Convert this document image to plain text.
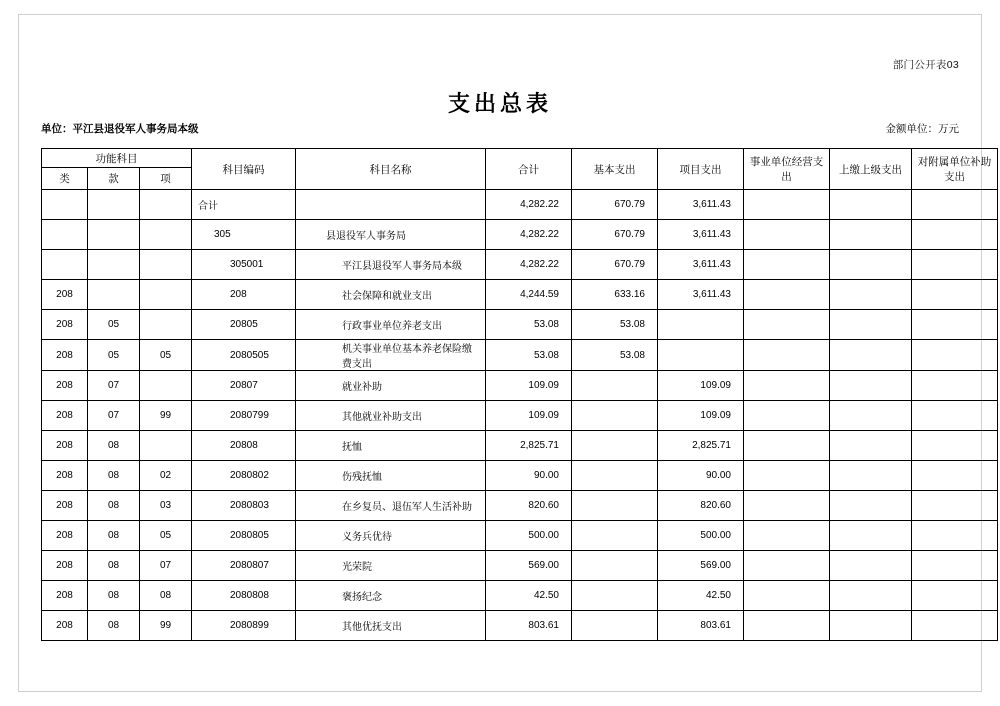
部门公开表03
支出总表
单位：平江县退役军人事务局本级	金额单位：万元
功能科目			科目编码	科目名称	合计	基本支出	项目支出	事业单位经营支出	上缴上级支出	对附属单位补助支出
类	款	项								
			合计		4,282.22	670.79	3,611.43			
			305	县退役军人事务局	4,282.22	670.79	3,611.43			
			305001	平江县退役军人事务局本级	4,282.22	670.79	3,611.43			
208			208	社会保障和就业支出	4,244.59	633.16	3,611.43			
208	05		20805	行政事业单位养老支出	53.08	53.08				
208	05	05	2080505	机关事业单位基本养老保险缴费支出	53.08	53.08				
208	07		20807	就业补助	109.09		109.09			
208	07	99	2080799	其他就业补助支出	109.09		109.09			
208	08		20808	抚恤	2,825.71		2,825.71			
208	08	02	2080802	伤残抚恤	90.00		90.00			
208	08	03	2080803	在乡复员、退伍军人生活补助	820.60		820.60			
208	08	05	2080805	义务兵优待	500.00		500.00			
208	08	07	2080807	光荣院	569.00		569.00			
208	08	08	2080808	褒扬纪念	42.50		42.50			
208	08	99	2080899	其他优抚支出	803.61		803.61			
